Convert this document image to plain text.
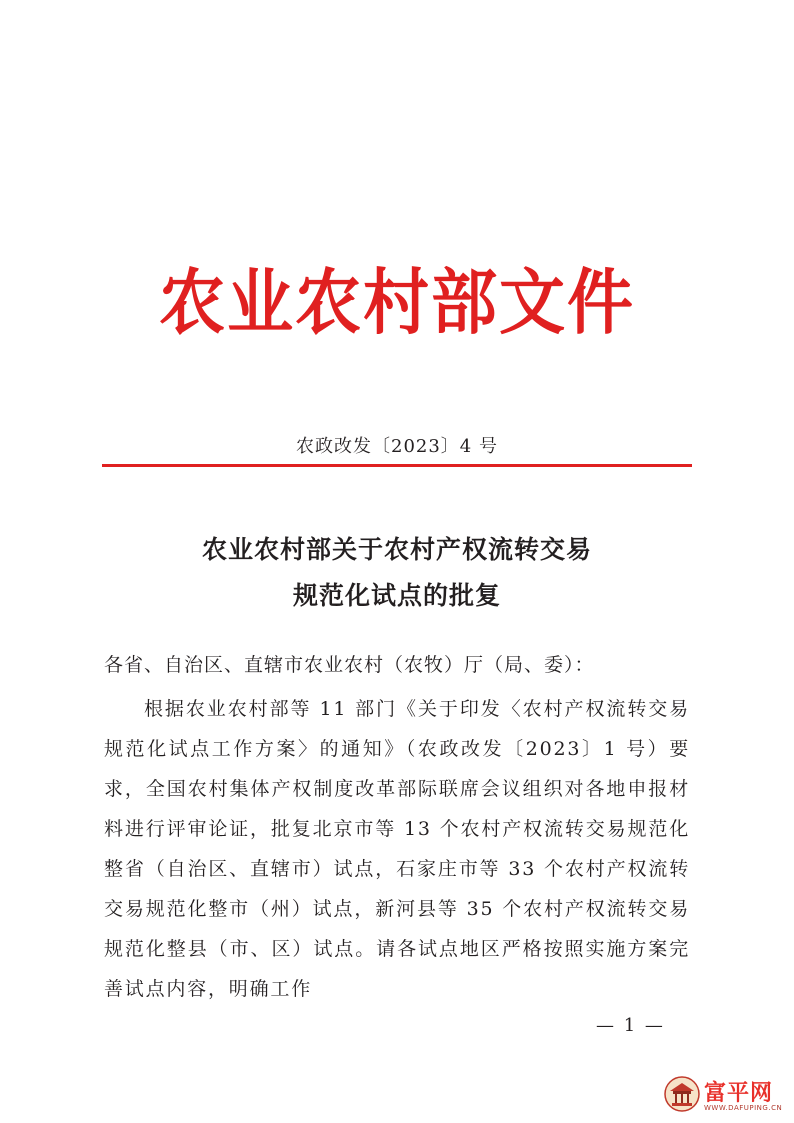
农业农村部文件
农政改发〔2023〕4 号
农业农村部关于农村产权流转交易
规范化试点的批复
各省、自治区、直辖市农业农村（农牧）厅（局、委）：
根据农业农村部等 11 部门《关于印发〈农村产权流转交易规范化试点工作方案〉的通知》（农政改发〔2023〕1 号）要求，全国农村集体产权制度改革部际联席会议组织对各地申报材料进行评审论证，批复北京市等 13 个农村产权流转交易规范化整省（自治区、直辖市）试点，石家庄市等 33 个农村产权流转交易规范化整市（州）试点，新河县等 35 个农村产权流转交易规范化整县（市、区）试点。请各试点地区严格按照实施方案完善试点内容，明确工作
— 1 —
富平网
WWW.DAFUPING.CN
